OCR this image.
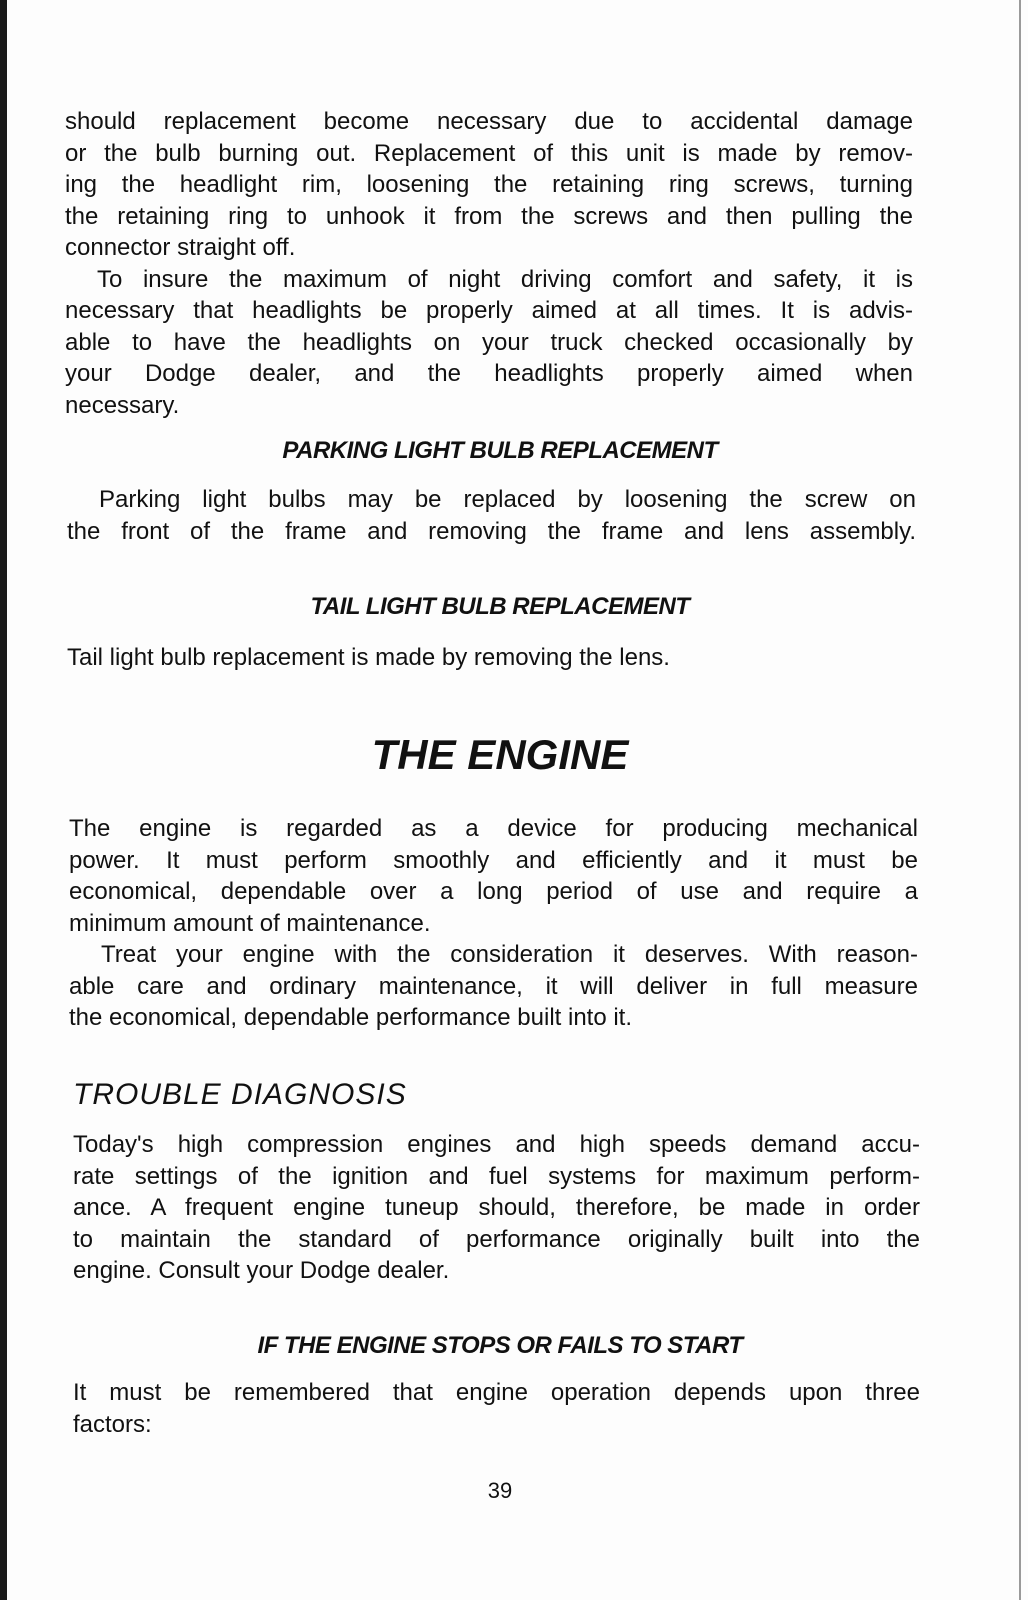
should replacement become necessary due to accidental damage
or the bulb burning out. Replacement of this unit is made by remov-
ing the headlight rim, loosening the retaining ring screws, turning
the retaining ring to unhook it from the screws and then pulling the
connector straight off.
To insure the maximum of night driving comfort and safety, it is
necessary that headlights be properly aimed at all times. It is advis-
able to have the headlights on your truck checked occasionally by
your Dodge dealer, and the headlights properly aimed when
necessary.
PARKING LIGHT BULB REPLACEMENT
Parking light bulbs may be replaced by loosening the screw on
the front of the frame and removing the frame and lens assembly.
TAIL LIGHT BULB REPLACEMENT
Tail light bulb replacement is made by removing the lens.
THE ENGINE
The engine is regarded as a device for producing mechanical
power. It must perform smoothly and efficiently and it must be
economical, dependable over a long period of use and require a
minimum amount of maintenance.
Treat your engine with the consideration it deserves. With reason-
able care and ordinary maintenance, it will deliver in full measure
the economical, dependable performance built into it.
TROUBLE DIAGNOSIS
Today's high compression engines and high speeds demand accu-
rate settings of the ignition and fuel systems for maximum perform-
ance. A frequent engine tuneup should, therefore, be made in order
to maintain the standard of performance originally built into the
engine. Consult your Dodge dealer.
IF THE ENGINE STOPS OR FAILS TO START
It must be remembered that engine operation depends upon three
factors:
39
